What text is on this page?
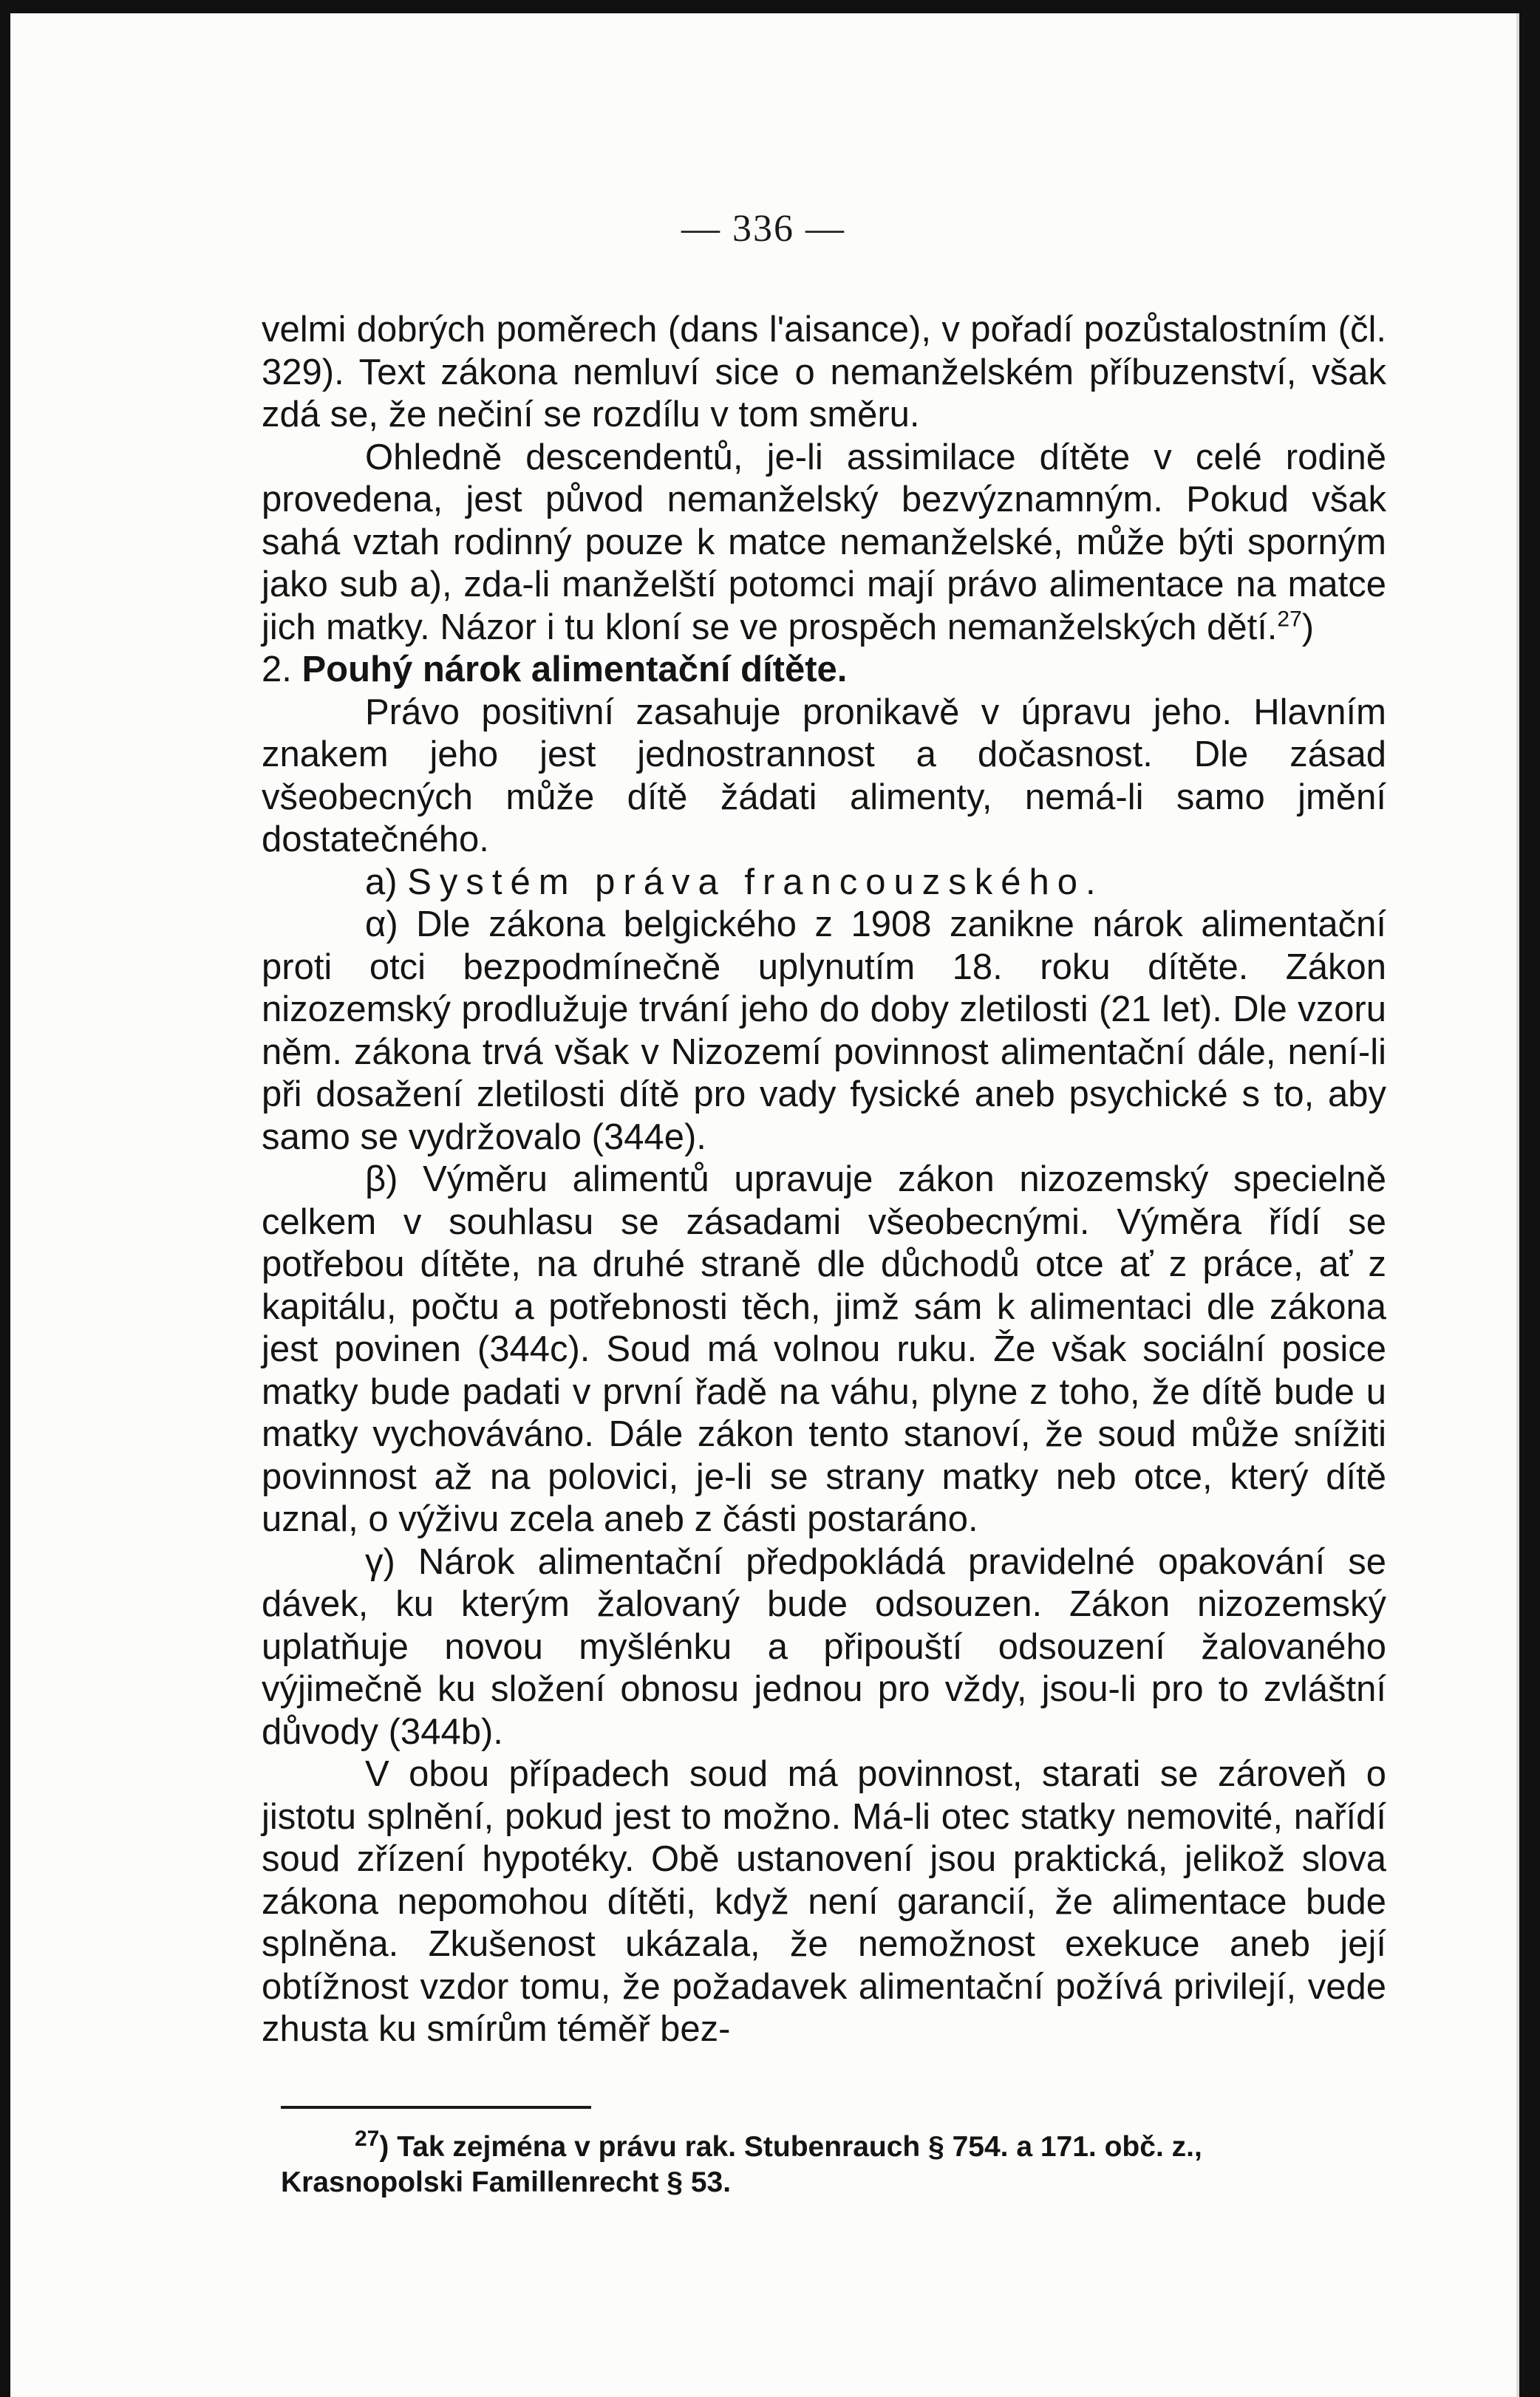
— 336 —

velmi dobrých poměrech (dans l'aisance), v pořadí pozůstalostním (čl. 329). Text zákona nemluví sice o nemanželském příbuzenství, však zdá se, že nečiní se rozdílu v tom směru.

Ohledně descendentů, je-li assimilace dítěte v celé rodině provedena, jest původ nemanželský bezvýznamným. Pokud však sahá vztah rodinný pouze k matce nemanželské, může býti sporným jako sub a), zda-li manželští potomci mají právo alimentace na matce jich matky. Názor i tu kloní se ve prospěch nemanželských dětí.$^{27}$)

2. Pouhý nárok alimentační dítěte.

Právo positivní zasahuje pronikavě v úpravu jeho. Hlavním znakem jeho jest jednostrannost a dočasnost. Dle zásad všeobecných může dítě žádati alimenty, nemá-li samo jmění dostatečného.

a) Systém práva francouzského.

α) Dle zákona belgického z 1908 zanikne nárok alimentační proti otci bezpodmínečně uplynutím 18. roku dítěte. Zákon nizozemský prodlužuje trvání jeho do doby zletilosti (21 let). Dle vzoru něm. zákona trvá však v Nizozemí povinnost alimentační dále, není-li při dosažení zletilosti dítě pro vady fysické aneb psychické s to, aby samo se vydržovalo (344e).

β) Výměru alimentů upravuje zákon nizozemský specielně celkem v souhlasu se zásadami všeobecnými. Výměra řídí se potřebou dítěte, na druhé straně dle důchodů otce ať z práce, ať z kapitálu, počtu a potřebnosti těch, jimž sám k alimentaci dle zákona jest povinen (344c). Soud má volnou ruku. Že však sociální posice matky bude padati v první řadě na váhu, plyne z toho, že dítě bude u matky vychováváno. Dále zákon tento stanoví, že soud může snížiti povinnost až na polovici, je-li se strany matky neb otce, který dítě uznal, o výživu zcela aneb z části postaráno.

γ) Nárok alimentační předpokládá pravidelné opakování se dávek, ku kterým žalovaný bude odsouzen. Zákon nizozemský uplatňuje novou myšlénku a připouští odsouzení žalovaného výjimečně ku složení obnosu jednou pro vždy, jsou-li pro to zvláštní důvody (344b).

V obou případech soud má povinnost, starati se zároveň o jistotu splnění, pokud jest to možno. Má-li otec statky nemovité, nařídí soud zřízení hypotéky. Obě ustanovení jsou praktická, jelikož slova zákona nepomohou dítěti, když není garancií, že alimentace bude splněna. Zkušenost ukázala, že nemožnost exekuce aneb její obtížnost vzdor tomu, že požadavek alimentační požívá privilejí, vede zhusta ku smírům téměř bez-

$^{27}$) Tak zejména v právu rak. Stubenrauch § 754. a 171. obč. z., Krasnopolski Famillenrecht § 53.
